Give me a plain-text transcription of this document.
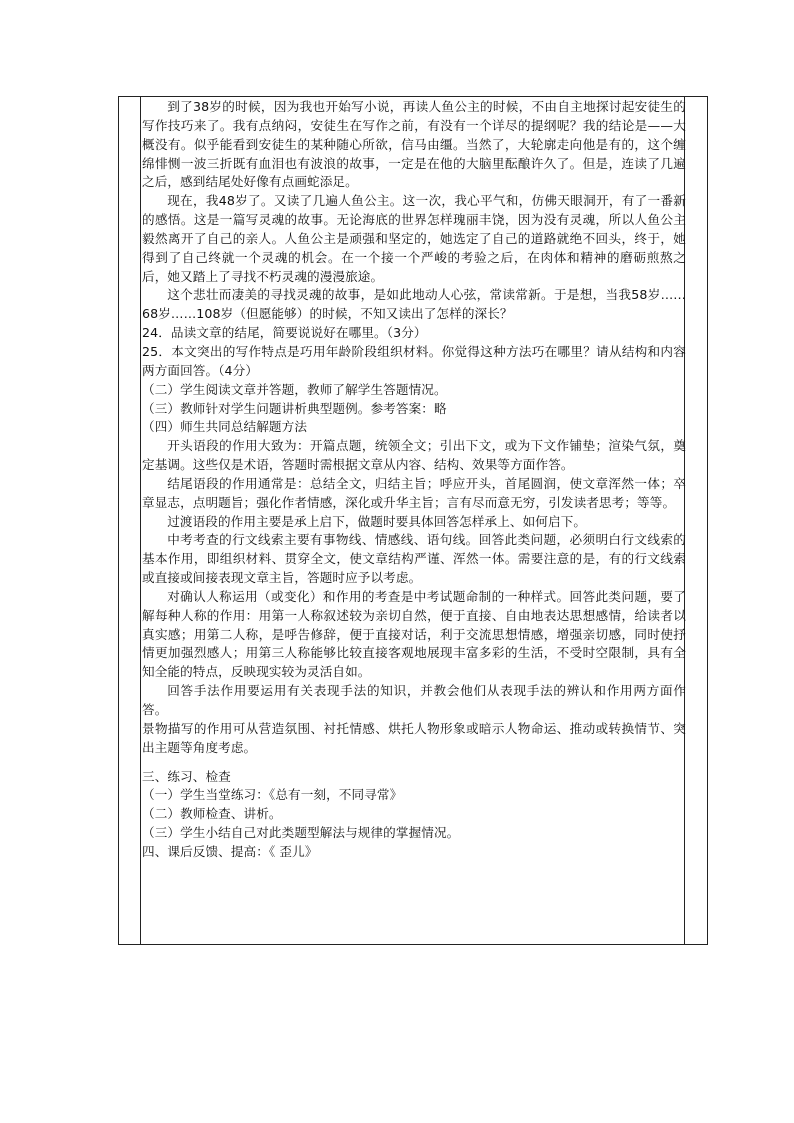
到了38岁的时候，因为我也开始写小说，再读人鱼公主的时候，不由自主地探讨起安徒生的写作技巧来了。我有点纳闷，安徒生在写作之前，有没有一个详尽的提纲呢？我的结论是——大概没有。似乎能看到安徒生的某种随心所欲，信马由缰。当然了，大轮廓走向他是有的，这个缠绵悱恻一波三折既有血泪也有波浪的故事，一定是在他的大脑里酝酿许久了。但是，连读了几遍之后，感到结尾处好像有点画蛇添足。

现在，我48岁了。又读了几遍人鱼公主。这一次，我心平气和，仿佛天眼洞开，有了一番新的感悟。这是一篇写灵魂的故事。无论海底的世界怎样瑰丽丰饶，因为没有灵魂，所以人鱼公主毅然离开了自己的亲人。人鱼公主是顽强和坚定的，她选定了自己的道路就绝不回头，终于，她得到了自己终就一个灵魂的机会。在一个接一个严峻的考验之后，在肉体和精神的磨砺煎熬之后，她又踏上了寻找不朽灵魂的漫漫旅途。

这个悲壮而凄美的寻找灵魂的故事，是如此地动人心弦，常读常新。于是想，当我58岁……68岁……108岁（但愿能够）的时候，不知又读出了怎样的深长？

24．品读文章的结尾，简要说说好在哪里。（3分）

25．本文突出的写作特点是巧用年龄阶段组织材料。你觉得这种方法巧在哪里？请从结构和内容两方面回答。（4分）

（二）学生阅读文章并答题，教师了解学生答题情况。

（三）教师针对学生问题讲析典型题例。参考答案：略

（四）师生共同总结解题方法

开头语段的作用大致为：开篇点题，统领全文；引出下文，或为下文作铺垫；渲染气氛，奠定基调。这些仅是术语，答题时需根据文章从内容、结构、效果等方面作答。

结尾语段的作用通常是：总结全文，归结主旨；呼应开头，首尾圆润，使文章浑然一体；卒章显志，点明题旨；强化作者情感，深化或升华主旨；言有尽而意无穷，引发读者思考；等等。

过渡语段的作用主要是承上启下，做题时要具体回答怎样承上、如何启下。

中考考查的行文线索主要有事物线、情感线、语句线。回答此类问题，必须明白行文线索的基本作用，即组织材料、贯穿全文，使文章结构严谨、浑然一体。需要注意的是，有的行文线索或直接或间接表现文章主旨，答题时应予以考虑。

对确认人称运用（或变化）和作用的考查是中考试题命制的一种样式。回答此类问题，要了解每种人称的作用：用第一人称叙述较为亲切自然，便于直接、自由地表达思想感情，给读者以真实感；用第二人称，是呼告修辞，便于直接对话，利于交流思想情感，增强亲切感，同时使抒情更加强烈感人；用第三人称能够比较直接客观地展现丰富多彩的生活，不受时空限制，具有全知全能的特点，反映现实较为灵活自如。

回答手法作用要运用有关表现手法的知识，并教会他们从表现手法的辨认和作用两方面作答。

景物描写的作用可从营造氛围、衬托情感、烘托人物形象或暗示人物命运、推动或转换情节、突出主题等角度考虑。

三、练习、检查

（一）学生当堂练习：《总有一刻，不同寻常》

（二）教师检查、讲析。

（三）学生小结自己对此类题型解法与规律的掌握情况。

四、课后反馈、提高：《 歪儿》
